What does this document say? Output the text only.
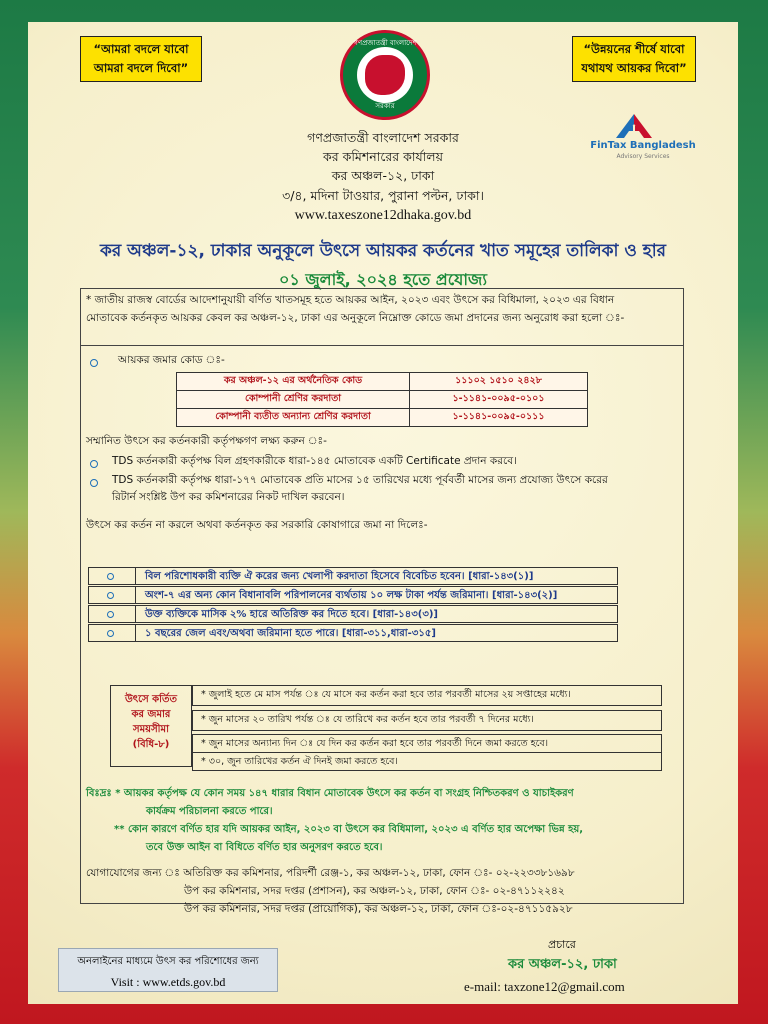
“আমরা বদলে যাবো
আমরা বদলে দিবো”
“উন্নয়নের শীর্ষে যাবো
যথাযথ আয়কর দিবো”
গণপ্রজাতন্ত্রী বাংলাদেশ
সরকার
FinTax Bangladesh
Advisory Services
গণপ্রজাতন্ত্রী বাংলাদেশ সরকার
কর কমিশনারের কার্যালয়
কর অঞ্চল-১২, ঢাকা
৩/৪, মদিনা টাওয়ার, পুরানা পল্টন, ঢাকা।
www.taxeszone12dhaka.gov.bd
কর অঞ্চল-১২, ঢাকার অনুকূলে উৎসে আয়কর কর্তনের খাত সমূহের তালিকা ও হার
০১ জুলাই, ২০২৪ হতে প্রযোজ্য
* জাতীয় রাজস্ব বোর্ডের আদেশানুযায়ী বর্ণিত খাতসমূহ হতে আয়কর আইন, ২০২৩ এবং উৎসে কর বিধিমালা, ২০২৩ এর বিধান
মোতাবেক কর্তনকৃত আয়কর কেবল কর অঞ্চল-১২, ঢাকা এর অনুকূলে নিম্নোক্ত কোডে জমা প্রদানের জন্য অনুরোধ করা হলো ঃ-
আয়কর জমার কোড ঃ-
কর অঞ্চল-১২ এর অর্থনৈতিক কোড	১১১০২ ১৫১০ ২৪২৮
কোম্পানী শ্রেণির করদাতা	১-১১৪১-০০৯৫-০১০১
কোম্পানী ব্যতীত অন্যান্য শ্রেণির করদাতা	১-১১৪১-০০৯৫-০১১১
সম্মানিত উৎসে কর কর্তনকারী কর্তৃপক্ষগণ লক্ষ্য করুন ঃ-
TDS কর্তনকারী কর্তৃপক্ষ বিল গ্রহণকারীকে ধারা-১৪৫ মোতাবেক একটি Certificate প্রদান করবে।
TDS কর্তনকারী কর্তৃপক্ষ ধারা-১৭৭ মোতাবেক প্রতি মাসের ১৫ তারিখের মধ্যে পূর্ববর্তী মাসের জন্য প্রযোজ্য উৎসে করের
রিটার্ন সংশ্লিষ্ট উপ কর কমিশনারের নিকট দাখিল করবেন।
উৎসে কর কর্তন না করলে অথবা কর্তনকৃত কর সরকারি কোষাগারে জমা না দিলেঃ-
বিল পরিশোধকারী ব্যক্তি ঐ করের জন্য খেলাপী করদাতা হিসেবে বিবেচিত হবেন। [ধারা-১৪৩(১)]
অংশ-৭ এর অন্য কোন বিধানাবলি পরিপালনের ব্যর্থতায় ১০ লক্ষ টাকা পর্যন্ত জরিমানা। [ধারা-১৪৩(২)]
উক্ত ব্যক্তিকে মাসিক ২% হারে অতিরিক্ত কর দিতে হবে। [ধারা-১৪৩(৩)]
১ বছরের জেল এবং/অথবা জরিমানা হতে পারে। [ধারা-৩১১,ধারা-৩১৫]
উৎসে কর্তিত
কর জমার
সময়সীমা
(বিধি-৮)
* জুলাই হতে মে মাস পর্যন্ত ঃ যে মাসে কর কর্তন করা হবে তার পরবর্তী মাসের ২য় সপ্তাহের মধ্যে।
* জুন মাসের ২০ তারিখ পর্যন্ত ঃ যে তারিখে কর কর্তন হবে তার পরবর্তী ৭ দিনের মধ্যে।
* জুন মাসের অন্যান্য দিন ঃ যে দিন কর কর্তন করা হবে তার পরবর্তী দিনে জমা করতে হবে।
* ৩০, জুন তারিখের কর্তন ঐ দিনই জমা করতে হবে।
বিঃদ্রঃ * আয়কর কর্তৃপক্ষ যে কোন সময় ১৪৭ ধারার বিধান মোতাবেক উৎসে কর কর্তন বা সংগ্রহ নিশ্চিতকরণ ও যাচাইকরণ
কার্যক্রম পরিচালনা করতে পারে।
** কোন কারণে বর্ণিত হার যদি আয়কর আইন, ২০২৩ বা উৎসে কর বিধিমালা, ২০২৩ এ বর্ণিত হার অপেক্ষা ভিন্ন হয়,
তবে উক্ত আইন বা বিধিতে বর্ণিত হার অনুসরণ করতে হবে।
যোগাযোগের জন্য ঃ অতিরিক্ত কর কমিশনার, পরিদর্শী রেঞ্জ-১, কর অঞ্চল-১২, ঢাকা, ফোন ঃ- ০২-২২৩৩৮১৬৯৮
উপ কর কমিশনার, সদর দপ্তর (প্রশাসন), কর অঞ্চল-১২, ঢাকা, ফোন ঃ- ০২-৪৭১১২২৪২
উপ কর কমিশনার, সদর দপ্তর (প্রায়োগিক), কর অঞ্চল-১২, ঢাকা, ফোন ঃ-০২-৪৭১১৫৯২৮
অনলাইনের মাধ্যমে উৎস কর পরিশোধের জন্য
Visit : www.etds.gov.bd
প্রচারে
কর অঞ্চল-১২, ঢাকা
e-mail: taxzone12@gmail.com
